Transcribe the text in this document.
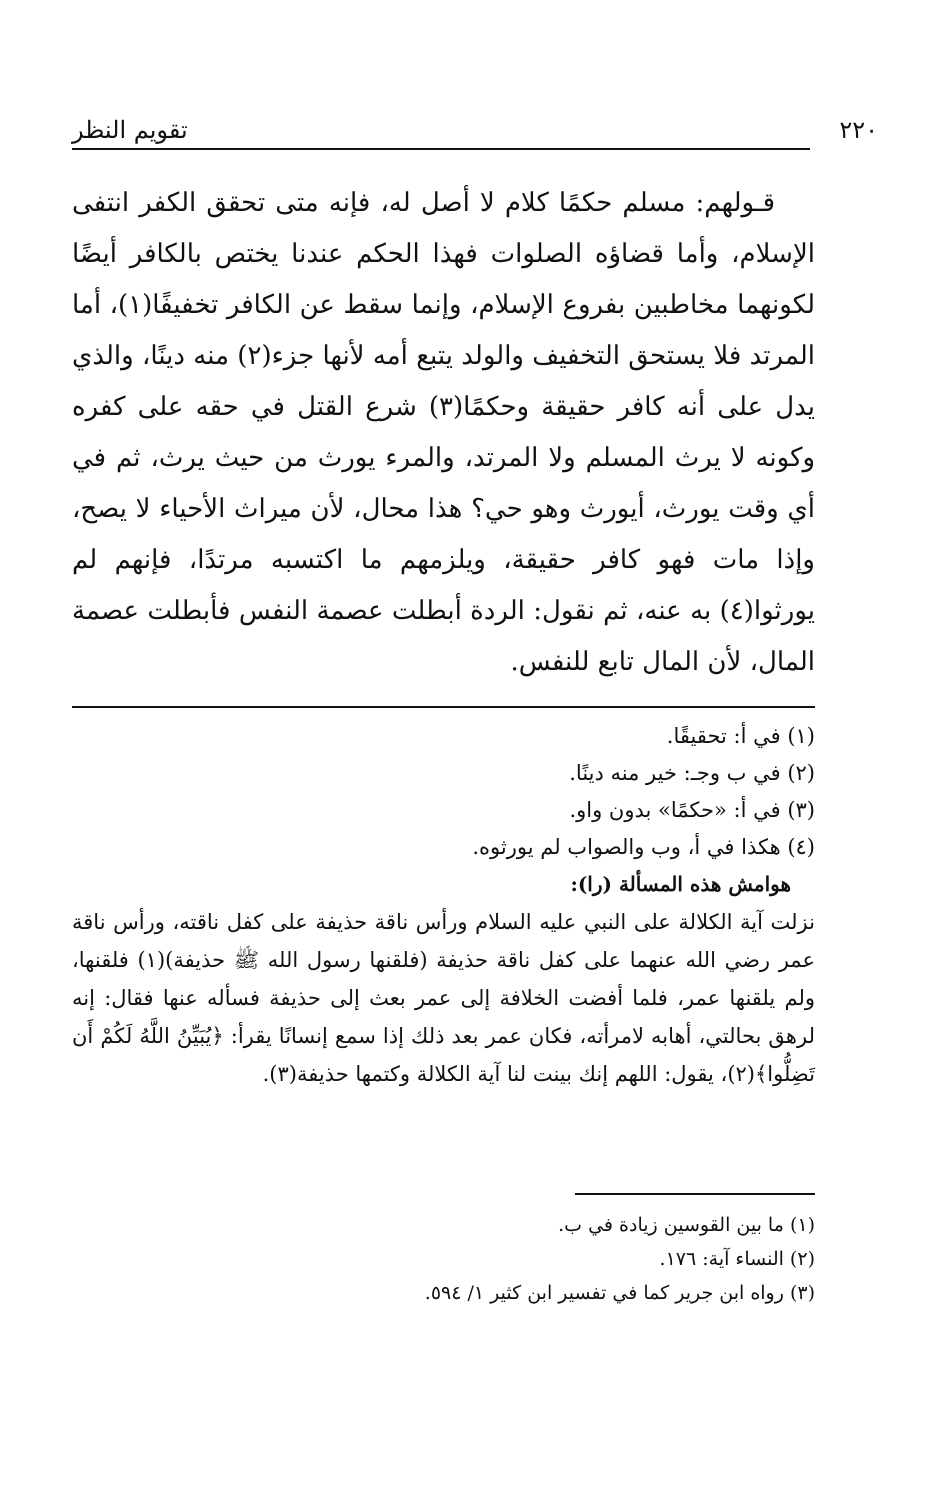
٢٢٠
تقويم النظر

قـولهم: مسلم حكمًا كلام لا أصل له، فإنه متى تحقق الكفر انتفى الإسلام، وأما قضاؤه الصلوات فهذا الحكم عندنا يختص بالكافر أيضًا لكونهما مخاطبين بفروع الإسلام، وإنما سقط عن الكافر تخفيفًا(١)، أما المرتد فلا يستحق التخفيف والولد يتبع أمه لأنها جزء(٢) منه دينًا، والذي يدل على أنه كافر حقيقة وحكمًا(٣) شرع القتل في حقه على كفره وكونه لا يرث المسلم ولا المرتد، والمرء يورث من حيث يرث، ثم في أي وقت يورث، أيورث وهو حي؟ هذا محال، لأن ميراث الأحياء لا يصح، وإذا مات فهو كافر حقيقة، ويلزمهم ما اكتسبه مرتدًا، فإنهم لم يورثوا(٤) به عنه، ثم نقول: الردة أبطلت عصمة النفس فأبطلت عصمة المال، لأن المال تابع للنفس.

(١) في أ: تحقيقًا.

(٢) في ب وجـ: خير منه دينًا.

(٣) في أ: «حكمًا» بدون واو.

(٤) هكذا في أ، وب والصواب لم يورثوه.

هوامش هذه المسألة (را):

نزلت آية الكلالة على النبي عليه السلام ورأس ناقة حذيفة على كفل ناقته، ورأس ناقة عمر رضي الله عنهما على كفل ناقة حذيفة (فلقنها رسول الله ﷺ حذيفة)(١) فلقنها، ولم يلقنها عمر، فلما أفضت الخلافة إلى عمر بعث إلى حذيفة فسأله عنها فقال: إنه لرهق بحالتي، أهابه لامرأته، فكان عمر بعد ذلك إذا سمع إنسانًا يقرأ: ﴿يُبَيِّنُ اللَّهُ لَكُمْ أَن تَضِلُّوا﴾(٢)، يقول: اللهم إنك بينت لنا آية الكلالة وكتمها حذيفة(٣).

(١) ما بين القوسين زيادة في ب.

(٢) النساء آية: ١٧٦.

(٣) رواه ابن جرير كما في تفسير ابن كثير ١/ ٥٩٤.
